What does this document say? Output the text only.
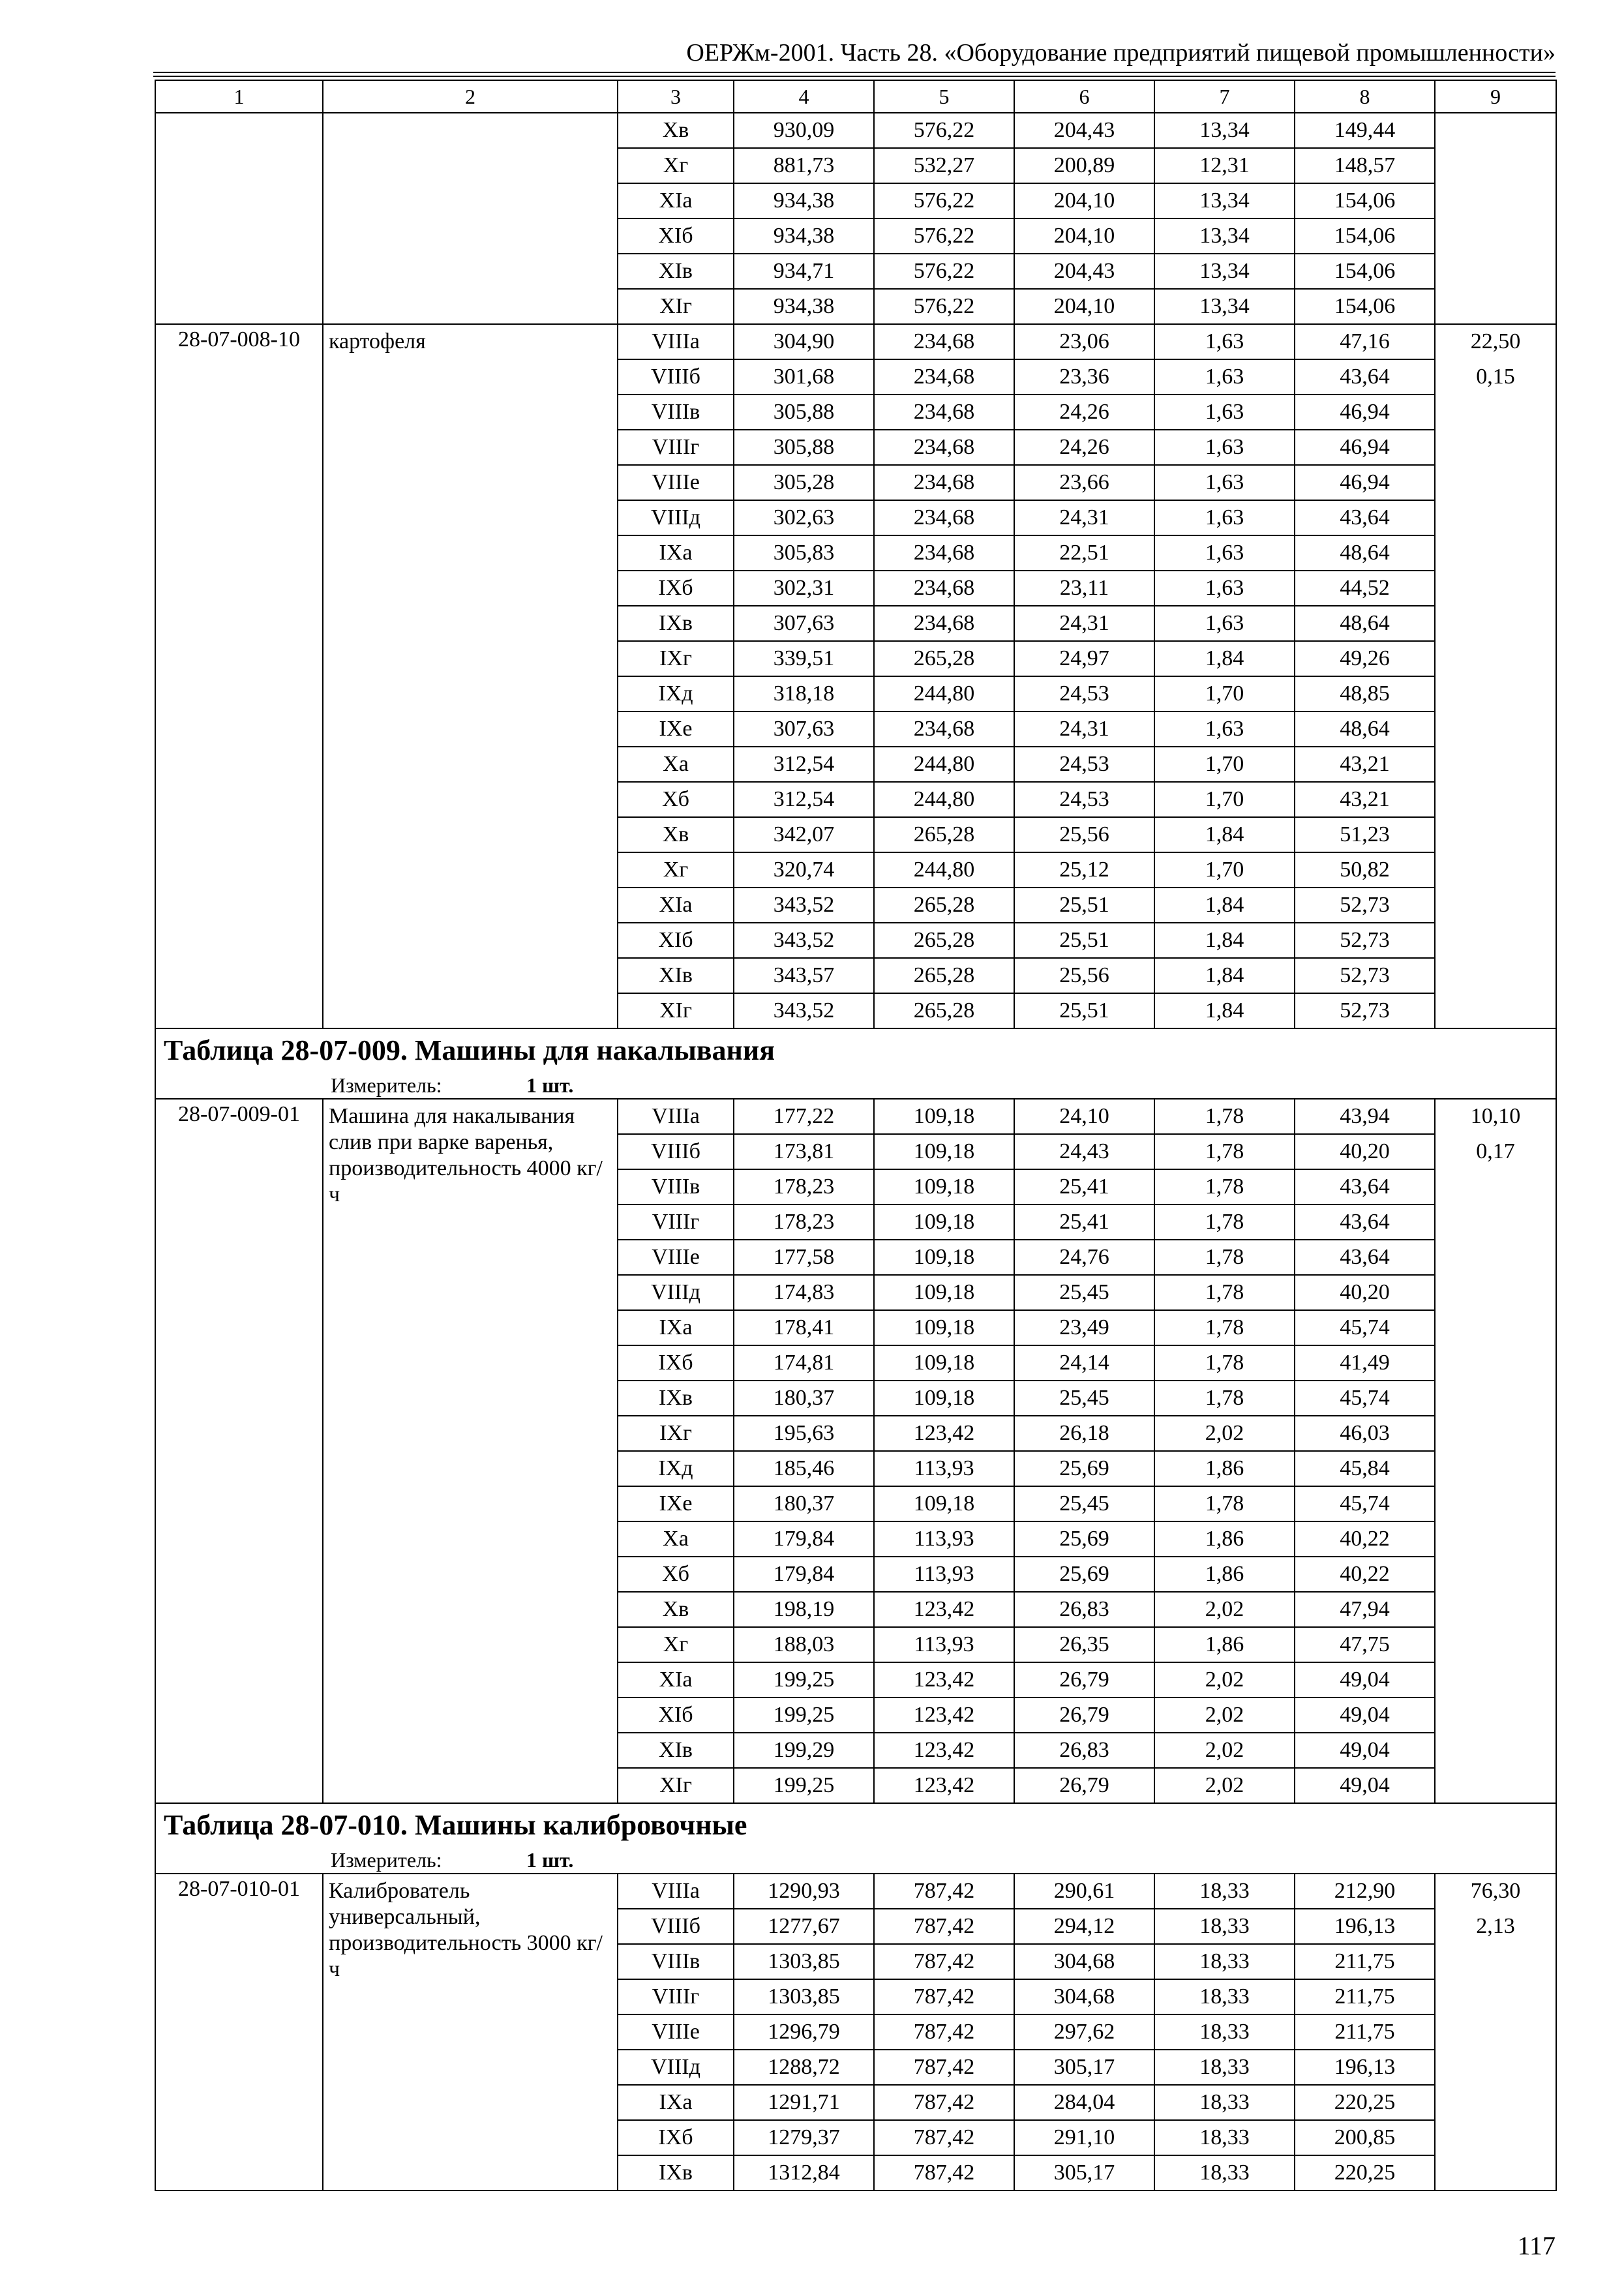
ОЕРЖм-2001. Часть 28. «Оборудование предприятий пищевой промышленности»
1	2	3	4	5	6	7	8	9
		Xв	930,09	576,22	204,43	13,34	149,44	
		Xг	881,73	532,27	200,89	12,31	148,57	
		XIa	934,38	576,22	204,10	13,34	154,06	
		XIб	934,38	576,22	204,10	13,34	154,06	
		XIв	934,71	576,22	204,43	13,34	154,06	
		XIг	934,38	576,22	204,10	13,34	154,06	
28-07-008-10	картофеля	VIIIa	304,90	234,68	23,06	1,63	47,16	22,50
0,15

		VIIIб	301,68	234,68	23,36	1,63	43,64	
		VIIIв	305,88	234,68	24,26	1,63	46,94	
		VIIIг	305,88	234,68	24,26	1,63	46,94	
		VIIIe	305,28	234,68	23,66	1,63	46,94	
		VIIIд	302,63	234,68	24,31	1,63	43,64	
		IXa	305,83	234,68	22,51	1,63	48,64	
		IXб	302,31	234,68	23,11	1,63	44,52	
		IXв	307,63	234,68	24,31	1,63	48,64	
		IXг	339,51	265,28	24,97	1,84	49,26	
		IXд	318,18	244,80	24,53	1,70	48,85	
		IXe	307,63	234,68	24,31	1,63	48,64	
		Xa	312,54	244,80	24,53	1,70	43,21	
		Xб	312,54	244,80	24,53	1,70	43,21	
		Xв	342,07	265,28	25,56	1,84	51,23	
		Xг	320,74	244,80	25,12	1,70	50,82	
		XIa	343,52	265,28	25,51	1,84	52,73	
		XIб	343,52	265,28	25,51	1,84	52,73	
		XIв	343,57	265,28	25,56	1,84	52,73	
		XIг	343,52	265,28	25,51	1,84	52,73	
Таблица 28-07-009. Машины для накалывания								
Измеритель: 1 шт.								
28-07-009-01	Машина для накалывания слив при варке варенья, производительность 4000 кг/ч	VIIIa	177,22	109,18	24,10	1,78	43,94	10,10
0,17

		VIIIб	173,81	109,18	24,43	1,78	40,20	
		VIIIв	178,23	109,18	25,41	1,78	43,64	
		VIIIг	178,23	109,18	25,41	1,78	43,64	
		VIIIe	177,58	109,18	24,76	1,78	43,64	
		VIIIд	174,83	109,18	25,45	1,78	40,20	
		IXa	178,41	109,18	23,49	1,78	45,74	
		IXб	174,81	109,18	24,14	1,78	41,49	
		IXв	180,37	109,18	25,45	1,78	45,74	
		IXг	195,63	123,42	26,18	2,02	46,03	
		IXд	185,46	113,93	25,69	1,86	45,84	
		IXe	180,37	109,18	25,45	1,78	45,74	
		Xa	179,84	113,93	25,69	1,86	40,22	
		Xб	179,84	113,93	25,69	1,86	40,22	
		Xв	198,19	123,42	26,83	2,02	47,94	
		Xг	188,03	113,93	26,35	1,86	47,75	
		XIa	199,25	123,42	26,79	2,02	49,04	
		XIб	199,25	123,42	26,79	2,02	49,04	
		XIв	199,29	123,42	26,83	2,02	49,04	
		XIг	199,25	123,42	26,79	2,02	49,04	
Таблица 28-07-010. Машины калибровочные								
Измеритель: 1 шт.								
28-07-010-01	Калиброватель универсальный, производительность 3000 кг/ч	VIIIa	1290,93	787,42	290,61	18,33	212,90	76,30
2,13

		VIIIб	1277,67	787,42	294,12	18,33	196,13	
		VIIIв	1303,85	787,42	304,68	18,33	211,75	
		VIIIг	1303,85	787,42	304,68	18,33	211,75	
		VIIIe	1296,79	787,42	297,62	18,33	211,75	
		VIIIд	1288,72	787,42	305,17	18,33	196,13	
		IXa	1291,71	787,42	284,04	18,33	220,25	
		IXб	1279,37	787,42	291,10	18,33	200,85	
		IXв	1312,84	787,42	305,17	18,33	220,25	
117
